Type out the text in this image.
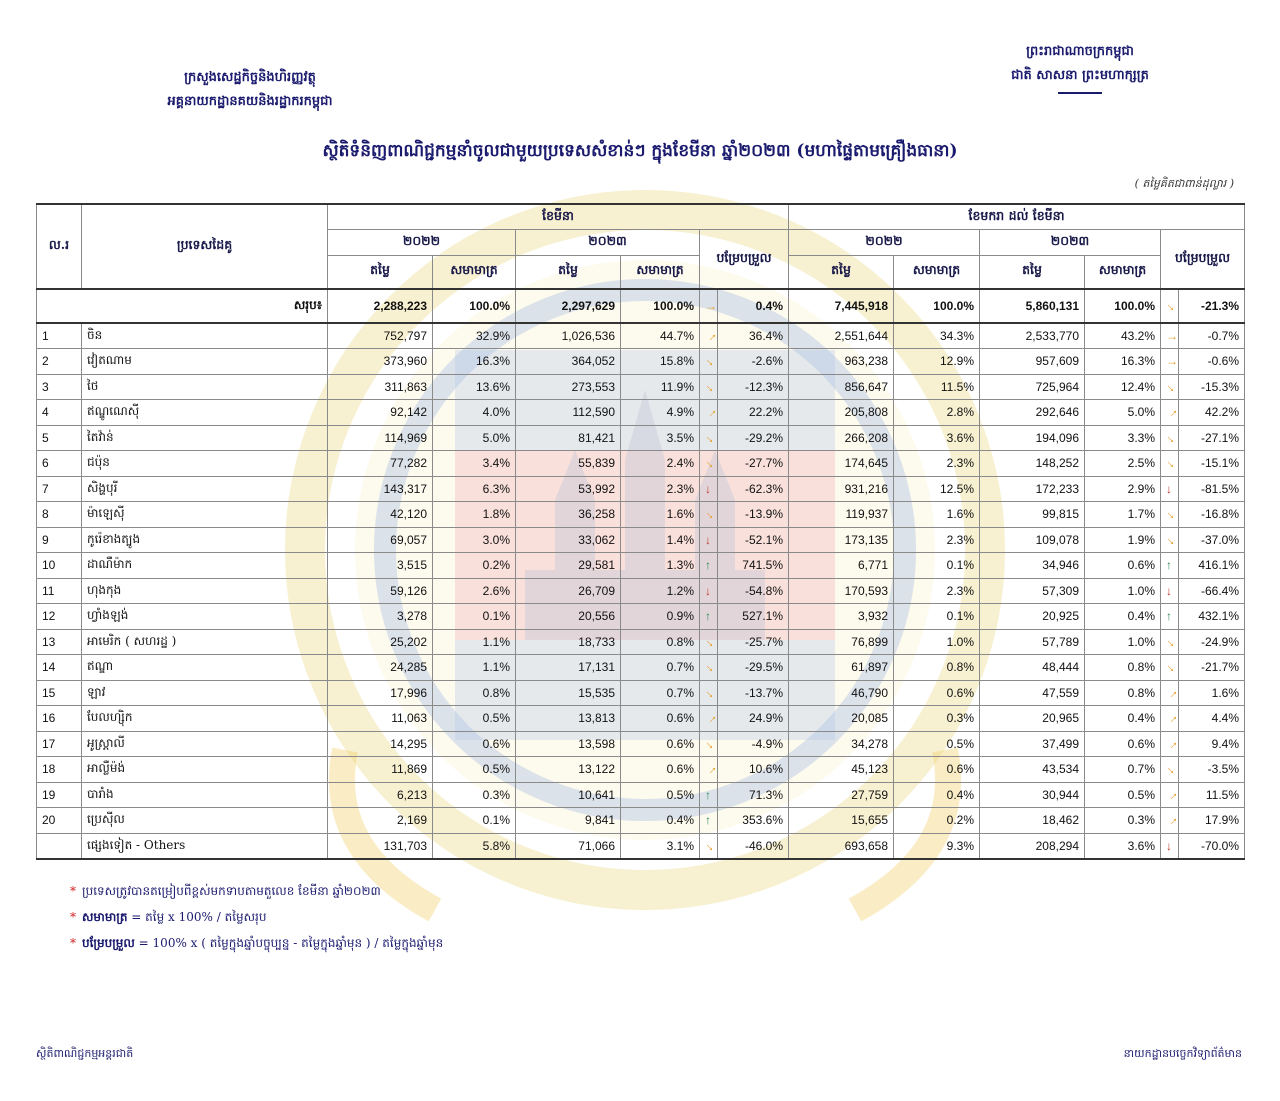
ក្រសួងសេដ្ឋកិច្ចនិងហិរញ្ញវត្ថុ
អគ្គនាយកដ្ឋានគយនិងរដ្ឋាករកម្ពុជា
ព្រះរាជាណាចក្រកម្ពុជា
ជាតិ សាសនា ព្រះមហាក្សត្រ
ស្ថិតិទំនិញពាណិជ្ជកម្មនាំចូលជាមួយប្រទេសសំខាន់ៗ ក្នុងខែមីនា ឆ្នាំ២០២៣ (មហាផ្ទៃតាមគ្រឿងធានា)
( តម្លៃគិតជាពាន់ដុល្លារ )
ល.រ	ប្រទេសដៃគូ	ខែមីនា						ខែមករា ដល់ ខែមីនា					
		២០២២		២០២៣		បម្រែបម្រួល		២០២២		២០២៣		បម្រែបម្រួល	
		តម្លៃ	សមាមាត្រ	តម្លៃ	សមាមាត្រ			តម្លៃ	សមាមាត្រ	តម្លៃ	សមាមាត្រ		
សរុប៖		2,288,223	100.0%	2,297,629	100.0%	→	0.4%	7,445,918	100.0%	5,860,131	100.0%	→	-21.3%
1	ចិន	752,797	32.9%	1,026,536	44.7%	→	36.4%	2,551,644	34.3%	2,533,770	43.2%	→	-0.7%
2	វៀតណាម	373,960	16.3%	364,052	15.8%	→	-2.6%	963,238	12.9%	957,609	16.3%	→	-0.6%
3	ថៃ	311,863	13.6%	273,553	11.9%	→	-12.3%	856,647	11.5%	725,964	12.4%	→	-15.3%
4	ឥណ្ឌូណេស៊ី	92,142	4.0%	112,590	4.9%	→	22.2%	205,808	2.8%	292,646	5.0%	→	42.2%
5	តៃវ៉ាន់	114,969	5.0%	81,421	3.5%	→	-29.2%	266,208	3.6%	194,096	3.3%	→	-27.1%
6	ជប៉ុន	77,282	3.4%	55,839	2.4%	→	-27.7%	174,645	2.3%	148,252	2.5%	→	-15.1%
7	សិង្ហបុរី	143,317	6.3%	53,992	2.3%	↓	-62.3%	931,216	12.5%	172,233	2.9%	↓	-81.5%
8	ម៉ាឡេស៊ី	42,120	1.8%	36,258	1.6%	→	-13.9%	119,937	1.6%	99,815	1.7%	→	-16.8%
9	កូរ៉េខាងត្បូង	69,057	3.0%	33,062	1.4%	↓	-52.1%	173,135	2.3%	109,078	1.9%	→	-37.0%
10	ដាណឺម៉ាក	3,515	0.2%	29,581	1.3%	↑	741.5%	6,771	0.1%	34,946	0.6%	↑	416.1%
11	ហុងកុង	59,126	2.6%	26,709	1.2%	↓	-54.8%	170,593	2.3%	57,309	1.0%	↓	-66.4%
12	ហ្វាំងឡង់	3,278	0.1%	20,556	0.9%	↑	527.1%	3,932	0.1%	20,925	0.4%	↑	432.1%
13	អាមេរិក ( សហរដ្ឋ )	25,202	1.1%	18,733	0.8%	→	-25.7%	76,899	1.0%	57,789	1.0%	→	-24.9%
14	ឥណ្ឌា	24,285	1.1%	17,131	0.7%	→	-29.5%	61,897	0.8%	48,444	0.8%	→	-21.7%
15	ឡាវ	17,996	0.8%	15,535	0.7%	→	-13.7%	46,790	0.6%	47,559	0.8%	→	1.6%
16	បែលហ្ស៊ិក	11,063	0.5%	13,813	0.6%	→	24.9%	20,085	0.3%	20,965	0.4%	→	4.4%
17	អូស្ត្រាលី	14,295	0.6%	13,598	0.6%	→	-4.9%	34,278	0.5%	37,499	0.6%	→	9.4%
18	អាល្លឺម៉ង់	11,869	0.5%	13,122	0.6%	→	10.6%	45,123	0.6%	43,534	0.7%	→	-3.5%
19	បារាំង	6,213	0.3%	10,641	0.5%	↑	71.3%	27,759	0.4%	30,944	0.5%	→	11.5%
20	ប្រេស៊ីល	2,169	0.1%	9,841	0.4%	↑	353.6%	15,655	0.2%	18,462	0.3%	→	17.9%
	ផ្សេងទៀត - Others	131,703	5.8%	71,066	3.1%	→	-46.0%	693,658	9.3%	208,294	3.6%	↓	-70.0%
* ប្រទេសត្រូវបានតម្រៀបពីខ្ពស់មកទាបតាមតួលេខ ខែមីនា ឆ្នាំ២០២៣
* សមាមាត្រ = តម្លៃ x 100% / តម្លៃសរុប
* បម្រែបម្រួល = 100% x ( តម្លៃក្នុងឆ្នាំបច្ចុប្បន្ន - តម្លៃក្នុងឆ្នាំមុន ) / តម្លៃក្នុងឆ្នាំមុន
ស្ថិតិពាណិជ្ជកម្មអន្តរជាតិ	នាយកដ្ឋានបច្ចេកវិទ្យាព័ត៌មាន
